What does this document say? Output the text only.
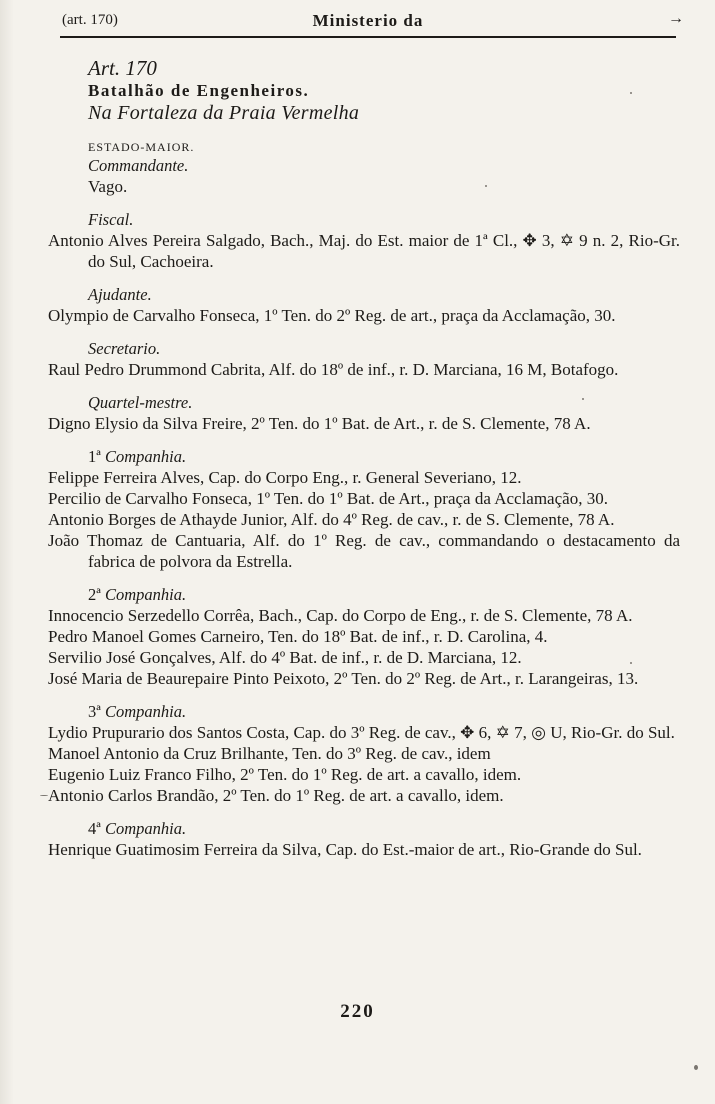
(art. 170)	Ministerio da	→
Art. 170
Batalhão de Engenheiros.
Na Fortaleza da Praia Vermelha
ESTADO-MAIOR.
Commandante.
Vago.
Fiscal.
Antonio Alves Pereira Salgado, Bach., Maj. do Est. maior de 1ª Cl., ✥ 3, ✡ 9 n. 2, Rio-Gr. do Sul, Cachoeira.
Ajudante.
Olympio de Carvalho Fonseca, 1º Ten. do 2º Reg. de art., praça da Acclamação, 30.
Secretario.
Raul Pedro Drummond Cabrita, Alf. do 18º de inf., r. D. Marciana, 16 M, Botafogo.
Quartel-mestre.
Digno Elysio da Silva Freire, 2º Ten. do 1º Bat. de Art., r. de S. Clemente, 78 A.
1ª Companhia.
Felippe Ferreira Alves, Cap. do Corpo Eng., r. General Severiano, 12.
Percilio de Carvalho Fonseca, 1º Ten. do 1º Bat. de Art., praça da Acclamação, 30.
Antonio Borges de Athayde Junior, Alf. do 4º Reg. de cav., r. de S. Clemente, 78 A.
João Thomaz de Cantuaria, Alf. do 1º Reg. de cav., commandando o destacamento da fabrica de polvora da Estrella.
2ª Companhia.
Innocencio Serzedello Corrêa, Bach., Cap. do Corpo de Eng., r. de S. Clemente, 78 A.
Pedro Manoel Gomes Carneiro, Ten. do 18º Bat. de inf., r. D. Carolina, 4.
Servilio José Gonçalves, Alf. do 4º Bat. de inf., r. de D. Marciana, 12.
José Maria de Beaurepaire Pinto Peixoto, 2º Ten. do 2º Reg. de Art., r. Larangeiras, 13.
3ª Companhia.
Lydio Prupurario dos Santos Costa, Cap. do 3º Reg. de cav., ✥ 6, ✡ 7, ◎ U, Rio-Gr. do Sul.
Manoel Antonio da Cruz Brilhante, Ten. do 3º Reg. de cav., idem
Eugenio Luiz Franco Filho, 2º Ten. do 1º Reg. de art. a cavallo, idem.
Antonio Carlos Brandão, 2º Ten. do 1º Reg. de art. a cavallo, idem.
4ª Companhia.
Henrique Guatimosim Ferreira da Silva, Cap. do Est.-maior de art., Rio-Grande do Sul.
220
